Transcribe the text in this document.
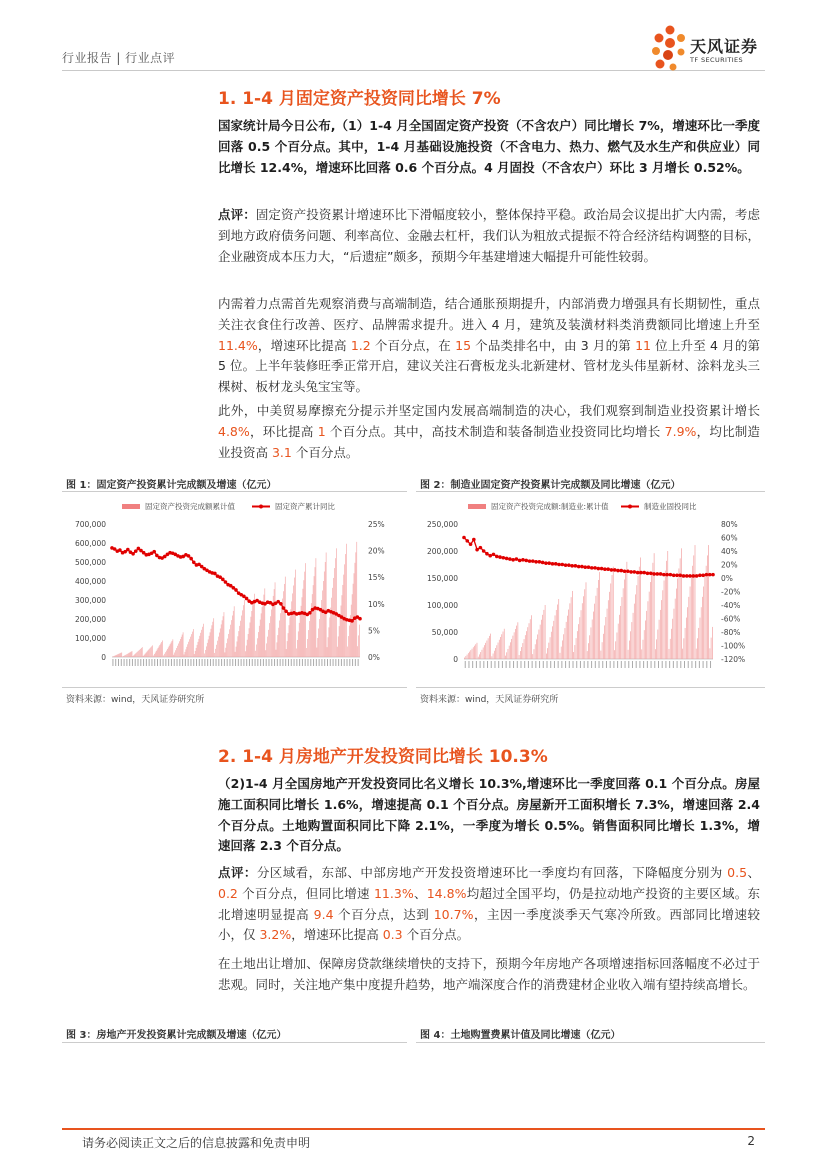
行业报告 | 行业点评
天风证券
TF SECURITIES
1. 1-4 月固定资产投资同比增长 7%
国家统计局今日公布,（1）1-4 月全国固定资产投资（不含农户）同比增长 7%，增速环比一季度回落 0.5 个百分点。其中，1-4 月基础设施投资（不含电力、热力、燃气及水生产和供应业）同比增长 12.4%，增速环比回落 0.6 个百分点。4 月固投（不含农户）环比 3 月增长 0.52%。
点评：固定资产投资累计增速环比下滑幅度较小，整体保持平稳。政治局会议提出扩大内需，考虑到地方政府债务问题、利率高位、金融去杠杆，我们认为粗放式提振不符合经济结构调整的目标，企业融资成本压力大，“后遗症”颇多，预期今年基建增速大幅提升可能性较弱。
内需着力点需首先观察消费与高端制造，结合通胀预期提升，内部消费力增强具有长期韧性，重点关注衣食住行改善、医疗、品牌需求提升。进入 4 月，建筑及装潢材料类消费额同比增速上升至 11.4%，增速环比提高 1.2 个百分点，在 15 个品类排名中，由 3 月的第 11 位上升至 4 月的第 5 位。上半年装修旺季正常开启，建议关注石膏板龙头北新建材、管材龙头伟星新材、涂料龙头三棵树、板材龙头兔宝宝等。
此外，中美贸易摩擦充分提示并坚定国内发展高端制造的决心，我们观察到制造业投资累计增长 4.8%，环比提高 1 个百分点。其中，高技术制造和装备制造业投资同比均增长 7.9%，均比制造业投资高 3.1 个百分点。
图 1：固定资产投资累计完成额及增速（亿元）	图 2：制造业固定资产投资累计完成额及同比增速（亿元）
固定资产投资完成额累计值	固定资产累计同比
700,000
600,000
500,000
400,000
300,000
200,000
100,000
0
25%
20%
15%
10%
5%
0%
固定资产投资完成额:制造业:累计值	制造业固投同比
250,000
200,000
150,000
100,000
50,000
0
80%
60%
40%
20%
0%
-20%
-40%
-60%
-80%
-100%
-120%
资料来源：wind，天风证券研究所	资料来源：wind，天风证券研究所
2. 1-4 月房地产开发投资同比增长 10.3%
（2)1-4 月全国房地产开发投资同比名义增长 10.3%,增速环比一季度回落 0.1 个百分点。房屋施工面积同比增长 1.6%，增速提高 0.1 个百分点。房屋新开工面积增长 7.3%，增速回落 2.4 个百分点。土地购置面积同比下降 2.1%，一季度为增长 0.5%。销售面积同比增长 1.3%，增速回落 2.3 个百分点。
点评：分区域看，东部、中部房地产开发投资增速环比一季度均有回落，下降幅度分别为 0.5、0.2 个百分点，但同比增速 11.3%、14.8%均超过全国平均，仍是拉动地产投资的主要区域。东北增速明显提高 9.4 个百分点，达到 10.7%，主因一季度淡季天气寒冷所致。西部同比增速较小，仅 3.2%，增速环比提高 0.3 个百分点。
在土地出让增加、保障房贷款继续增快的支持下，预期今年房地产各项增速指标回落幅度不必过于悲观。同时，关注地产集中度提升趋势，地产端深度合作的消费建材企业收入端有望持续高增长。
图 3：房地产开发投资累计完成额及增速（亿元）	图 4：土地购置费累计值及同比增速（亿元）
请务必阅读正文之后的信息披露和免责申明	2
